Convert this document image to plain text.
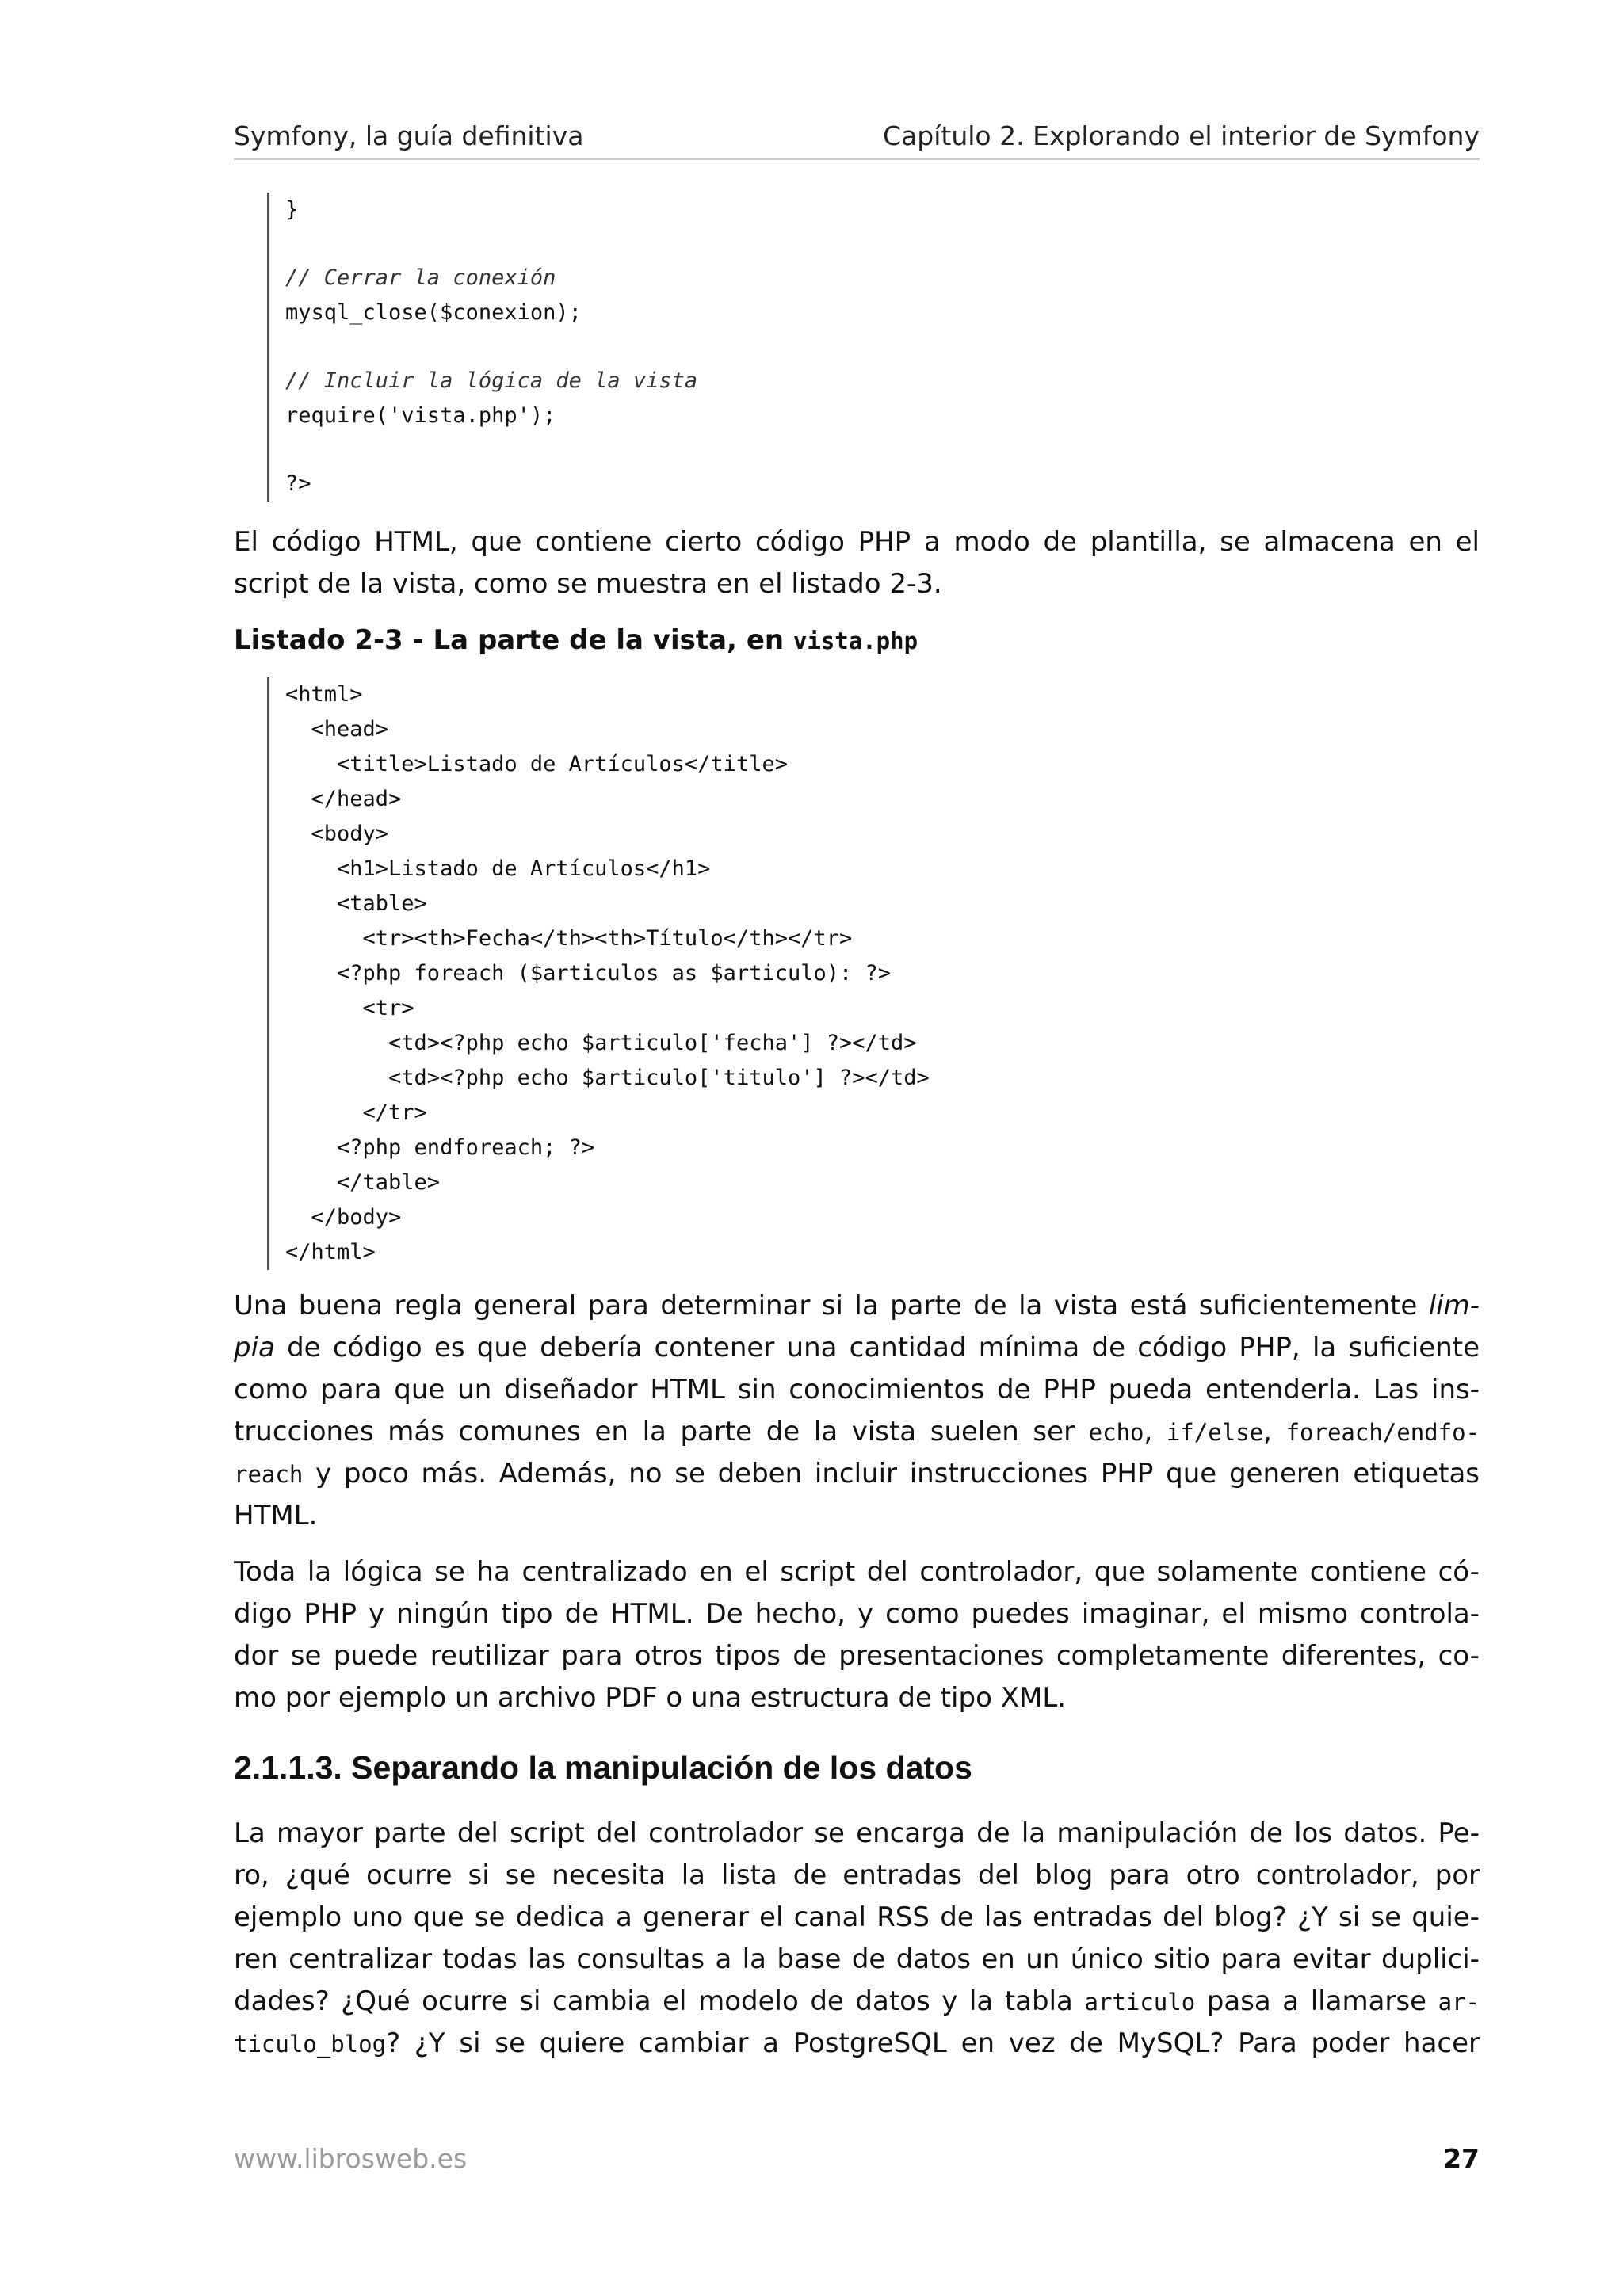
Symfony, la guía definitiva	Capítulo 2. Explorando el interior de Symfony
}
// Cerrar la conexión
mysql_close($conexion);
// Incluir la lógica de la vista
require('vista.php');
?>
El código HTML, que contiene cierto código PHP a modo de plantilla, se almacena en el
script de la vista, como se muestra en el listado 2-3.
Listado 2-3 - La parte de la vista, en vista.php
<html>
<head>
<title>Listado de Artículos</title>
</head>
<body>
<h1>Listado de Artículos</h1>
<table>
<tr><th>Fecha</th><th>Título</th></tr>
<?php foreach ($articulos as $articulo): ?>
<tr>
<td><?php echo $articulo['fecha'] ?></td>
<td><?php echo $articulo['titulo'] ?></td>
</tr>
<?php endforeach; ?>
</table>
</body>
</html>
Una buena regla general para determinar si la parte de la vista está suficientemente lim-
pia de código es que debería contener una cantidad mínima de código PHP, la suficiente
como para que un diseñador HTML sin conocimientos de PHP pueda entenderla. Las ins-
trucciones más comunes en la parte de la vista suelen ser echo, if/else, foreach/endfo-
reach y poco más. Además, no se deben incluir instrucciones PHP que generen etiquetas
HTML.
Toda la lógica se ha centralizado en el script del controlador, que solamente contiene có-
digo PHP y ningún tipo de HTML. De hecho, y como puedes imaginar, el mismo controla-
dor se puede reutilizar para otros tipos de presentaciones completamente diferentes, co-
mo por ejemplo un archivo PDF o una estructura de tipo XML.
2.1.1.3. Separando la manipulación de los datos
La mayor parte del script del controlador se encarga de la manipulación de los datos. Pe-
ro, ¿qué ocurre si se necesita la lista de entradas del blog para otro controlador, por
ejemplo uno que se dedica a generar el canal RSS de las entradas del blog? ¿Y si se quie-
ren centralizar todas las consultas a la base de datos en un único sitio para evitar duplici-
dades? ¿Qué ocurre si cambia el modelo de datos y la tabla articulo pasa a llamarse ar-
ticulo_blog? ¿Y si se quiere cambiar a PostgreSQL en vez de MySQL? Para poder hacer
www.librosweb.es	27
